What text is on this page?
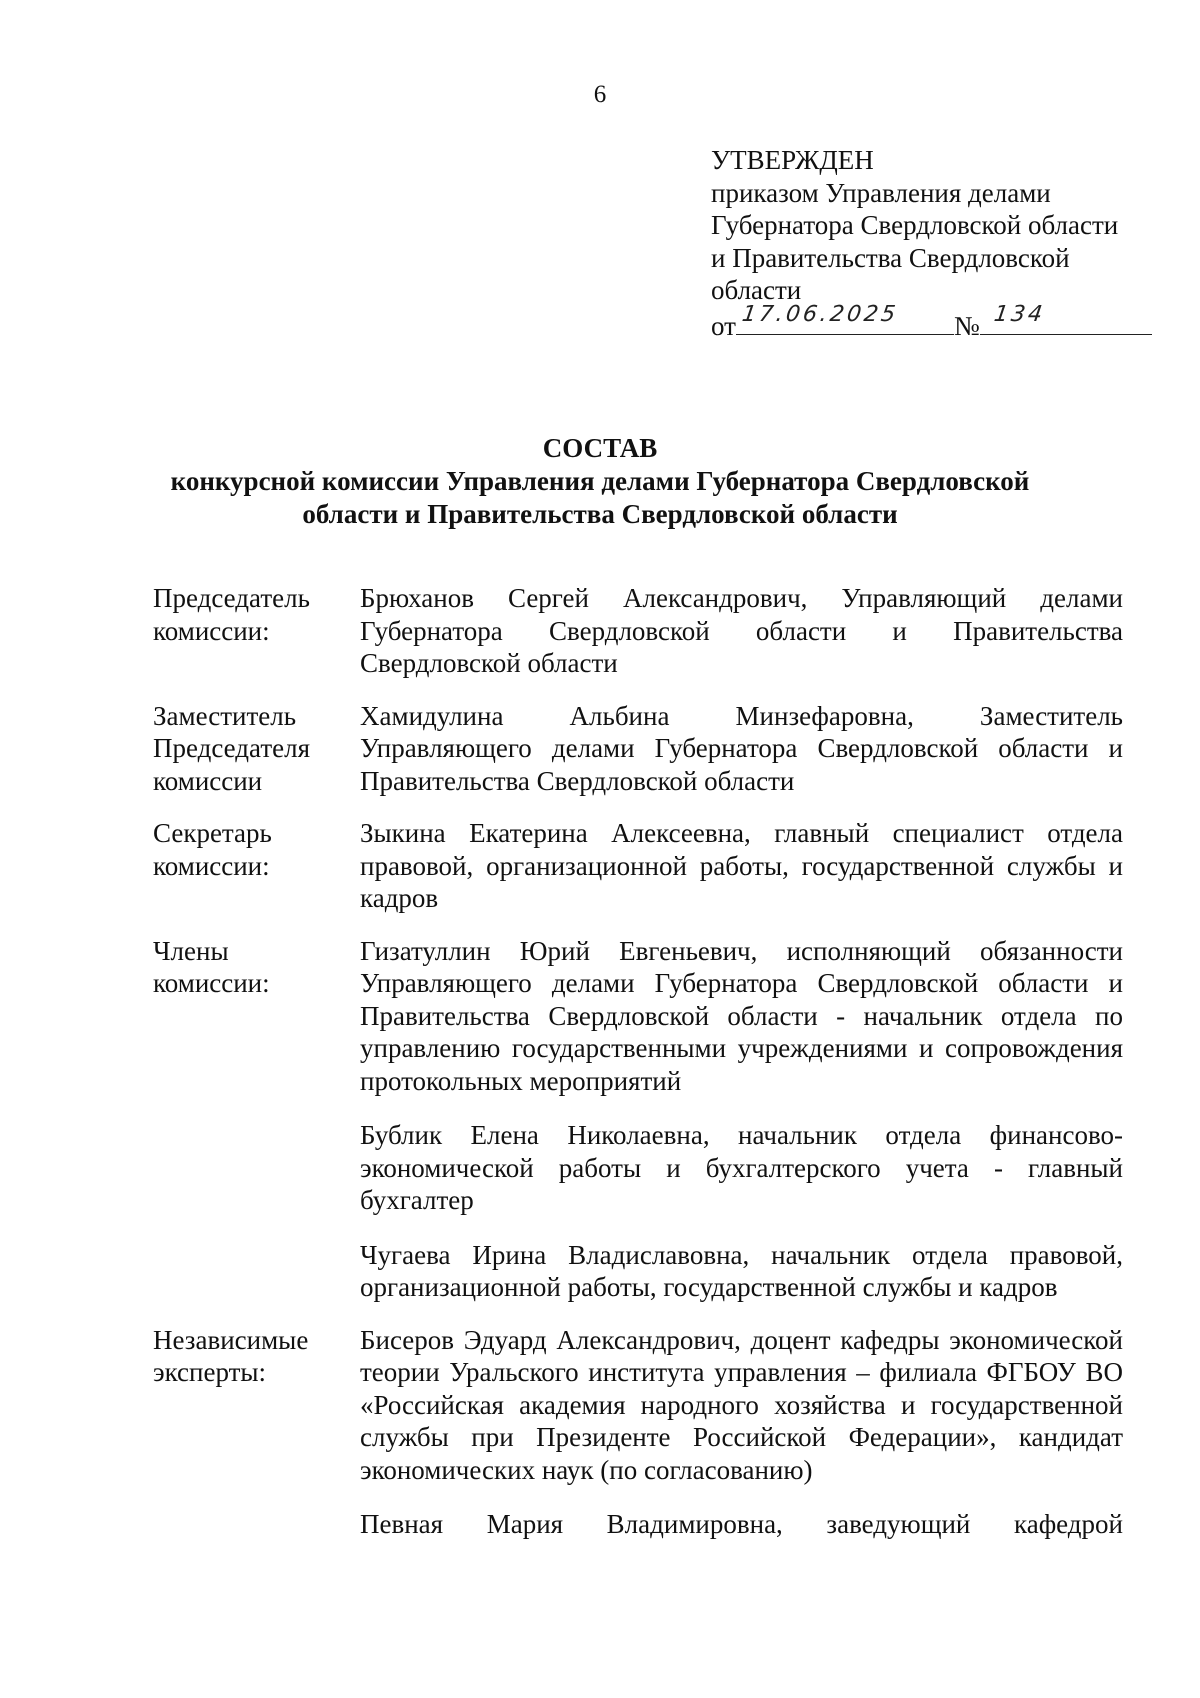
6
УТВЕРЖДЕН
приказом Управления делами
Губернатора Свердловской области
и Правительства Свердловской
области
от 17.06.2025 № 134
СОСТАВ
конкурсной комиссии Управления делами Губернатора Свердловской
области и Правительства Свердловской области
Председатель
комиссии:

Брюханов Сергей Александрович, Управляющий делами Губернатора Свердловской области и Правительства Свердловской области

Заместитель
Председателя
комиссии

Хамидулина Альбина Минзефаровна, Заместитель Управляющего делами Губернатора Свердловской области и Правительства Свердловской области

Секретарь
комиссии:

Зыкина Екатерина Алексеевна, главный специалист отдела правовой, организационной работы, государственной службы и кадров

Члены
комиссии:

Гизатуллин Юрий Евгеньевич, исполняющий обязанности Управляющего делами Губернатора Свердловской области и Правительства Свердловской области - начальник отдела по управлению государственными учреждениями и сопровождения протокольных мероприятий

Бублик Елена Николаевна, начальник отдела финансово-экономической работы и бухгалтерского учета - главный бухгалтер

Чугаева Ирина Владиславовна, начальник отдела правовой, организационной работы, государственной службы и кадров

Независимые
эксперты:

Бисеров Эдуард Александрович, доцент кафедры экономической теории Уральского института управления – филиала ФГБОУ ВО «Российская академия народного хозяйства и государственной службы при Президенте Российской Федерации», кандидат экономических наук (по согласованию)

Певная Мария Владимировна, заведующий кафедрой
